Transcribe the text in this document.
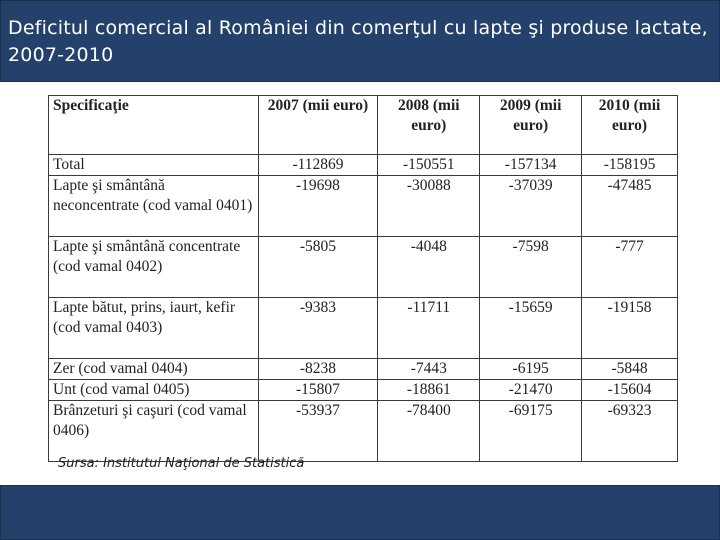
Deficitul comercial al României din comerţul cu lapte şi produse lactate, 2007-2010
Specificaţie	2007 (mii euro)	2008 (mii euro)	2009 (mii euro)	2010 (mii euro)
Total	-112869	-150551	-157134	-158195
Lapte şi smântână neconcentrate (cod vamal 0401)	-19698	-30088	-37039	-47485
Lapte şi smântână concentrate (cod vamal 0402)	-5805	-4048	-7598	-777
Lapte bătut, prins, iaurt, kefir (cod vamal 0403)	-9383	-11711	-15659	-19158
Zer (cod vamal 0404)	-8238	-7443	-6195	-5848
Unt (cod vamal 0405)	-15807	-18861	-21470	-15604
Brânzeturi şi caşuri (cod vamal 0406)	-53937	-78400	-69175	-69323
Sursa: Institutul Naţional de Statistică
